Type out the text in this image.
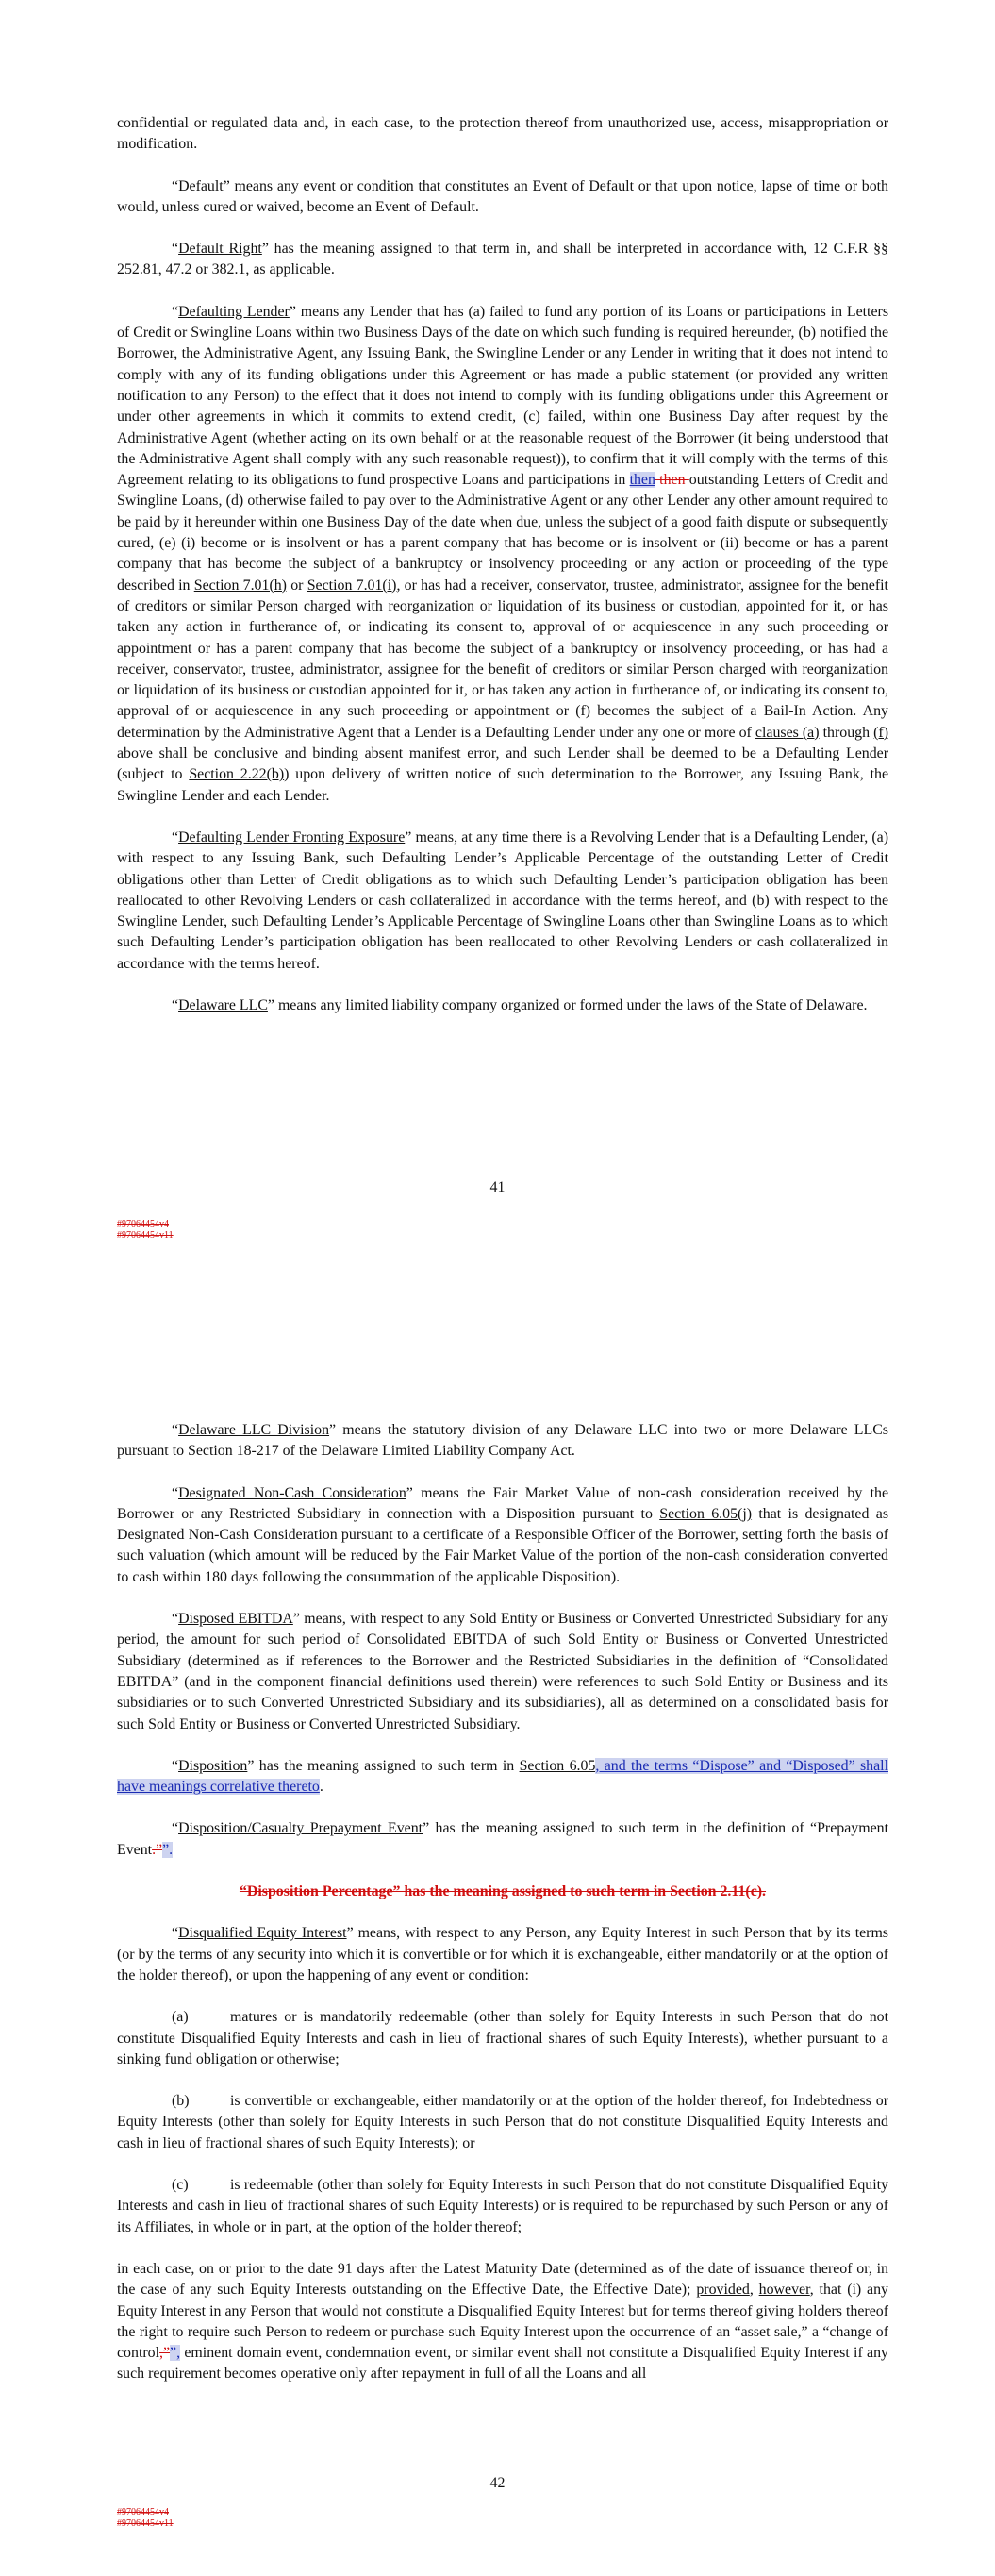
confidential or regulated data and, in each case, to the protection thereof from unauthorized use, access, misappropriation or modification.

“Default” means any event or condition that constitutes an Event of Default or that upon notice, lapse of time or both would, unless cured or waived, become an Event of Default.

“Default Right” has the meaning assigned to that term in, and shall be interpreted in accordance with, 12 C.F.R §§ 252.81, 47.2 or 382.1, as applicable.

“Defaulting Lender” means any Lender that has (a) failed to fund any portion of its Loans or participations in Letters of Credit or Swingline Loans within two Business Days of the date on which such funding is required hereunder, (b) notified the Borrower, the Administrative Agent, any Issuing Bank, the Swingline Lender or any Lender in writing that it does not intend to comply with any of its funding obligations under this Agreement or has made a public statement (or provided any written notification to any Person) to the effect that it does not intend to comply with its funding obligations under this Agreement or under other agreements in which it commits to extend credit, (c) failed, within one Business Day after request by the Administrative Agent (whether acting on its own behalf or at the reasonable request of the Borrower (it being understood that the Administrative Agent shall comply with any such reasonable request)), to confirm that it will comply with the terms of this Agreement relating to its obligations to fund prospective Loans and participations in then then outstanding Letters of Credit and Swingline Loans, (d) otherwise failed to pay over to the Administrative Agent or any other Lender any other amount required to be paid by it hereunder within one Business Day of the date when due, unless the subject of a good faith dispute or subsequently cured, (e) (i) become or is insolvent or has a parent company that has become or is insolvent or (ii) become or has a parent company that has become the subject of a bankruptcy or insolvency proceeding or any action or proceeding of the type described in Section 7.01(h) or Section 7.01(i), or has had a receiver, conservator, trustee, administrator, assignee for the benefit of creditors or similar Person charged with reorganization or liquidation of its business or custodian, appointed for it, or has taken any action in furtherance of, or indicating its consent to, approval of or acquiescence in any such proceeding or appointment or has a parent company that has become the subject of a bankruptcy or insolvency proceeding, or has had a receiver, conservator, trustee, administrator, assignee for the benefit of creditors or similar Person charged with reorganization or liquidation of its business or custodian appointed for it, or has taken any action in furtherance of, or indicating its consent to, approval of or acquiescence in any such proceeding or appointment or (f) becomes the subject of a Bail-In Action. Any determination by the Administrative Agent that a Lender is a Defaulting Lender under any one or more of clauses (a) through (f) above shall be conclusive and binding absent manifest error, and such Lender shall be deemed to be a Defaulting Lender (subject to Section 2.22(b)) upon delivery of written notice of such determination to the Borrower, any Issuing Bank, the Swingline Lender and each Lender.

“Defaulting Lender Fronting Exposure” means, at any time there is a Revolving Lender that is a Defaulting Lender, (a) with respect to any Issuing Bank, such Defaulting Lender’s Applicable Percentage of the outstanding Letter of Credit obligations other than Letter of Credit obligations as to which such Defaulting Lender’s participation obligation has been reallocated to other Revolving Lenders or cash collateralized in accordance with the terms hereof, and (b) with respect to the Swingline Lender, such Defaulting Lender’s Applicable Percentage of Swingline Loans other than Swingline Loans as to which such Defaulting Lender’s participation obligation has been reallocated to other Revolving Lenders or cash collateralized in accordance with the terms hereof.

“Delaware LLC” means any limited liability company organized or formed under the laws of the State of Delaware.

41
#97064454v4
#97064454v11

“Delaware LLC Division” means the statutory division of any Delaware LLC into two or more Delaware LLCs pursuant to Section 18-217 of the Delaware Limited Liability Company Act.

“Designated Non-Cash Consideration” means the Fair Market Value of non-cash consideration received by the Borrower or any Restricted Subsidiary in connection with a Disposition pursuant to Section 6.05(j) that is designated as Designated Non-Cash Consideration pursuant to a certificate of a Responsible Officer of the Borrower, setting forth the basis of such valuation (which amount will be reduced by the Fair Market Value of the portion of the non-cash consideration converted to cash within 180 days following the consummation of the applicable Disposition).

“Disposed EBITDA” means, with respect to any Sold Entity or Business or Converted Unrestricted Subsidiary for any period, the amount for such period of Consolidated EBITDA of such Sold Entity or Business or Converted Unrestricted Subsidiary (determined as if references to the Borrower and the Restricted Subsidiaries in the definition of “Consolidated EBITDA” (and in the component financial definitions used therein) were references to such Sold Entity or Business and its subsidiaries or to such Converted Unrestricted Subsidiary and its subsidiaries), all as determined on a consolidated basis for such Sold Entity or Business or Converted Unrestricted Subsidiary.

“Disposition” has the meaning assigned to such term in Section 6.05, and the terms “Dispose” and “Disposed” shall have meanings correlative thereto.

“Disposition/Casualty Prepayment Event” has the meaning assigned to such term in the definition of “Prepayment Event.””.

“Disposition Percentage” has the meaning assigned to such term in Section 2.11(c).

“Disqualified Equity Interest” means, with respect to any Person, any Equity Interest in such Person that by its terms (or by the terms of any security into which it is convertible or for which it is exchangeable, either mandatorily or at the option of the holder thereof), or upon the happening of any event or condition:

(a)	matures or is mandatorily redeemable (other than solely for Equity Interests in such Person that do not constitute Disqualified Equity Interests and cash in lieu of fractional shares of such Equity Interests), whether pursuant to a sinking fund obligation or otherwise;

(b)	is convertible or exchangeable, either mandatorily or at the option of the holder thereof, for Indebtedness or Equity Interests (other than solely for Equity Interests in such Person that do not constitute Disqualified Equity Interests and cash in lieu of fractional shares of such Equity Interests); or

(c)	is redeemable (other than solely for Equity Interests in such Person that do not constitute Disqualified Equity Interests and cash in lieu of fractional shares of such Equity Interests) or is required to be repurchased by such Person or any of its Affiliates, in whole or in part, at the option of the holder thereof;

in each case, on or prior to the date 91 days after the Latest Maturity Date (determined as of the date of issuance thereof or, in the case of any such Equity Interests outstanding on the Effective Date, the Effective Date); provided, however, that (i) any Equity Interest in any Person that would not constitute a Disqualified Equity Interest but for terms thereof giving holders thereof the right to require such Person to redeem or purchase such Equity Interest upon the occurrence of an “asset sale,” a “change of control,””, eminent domain event, condemnation event, or similar event shall not constitute a Disqualified Equity Interest if any such requirement becomes operative only after repayment in full of all the Loans and all

42
#97064454v4
#97064454v11
